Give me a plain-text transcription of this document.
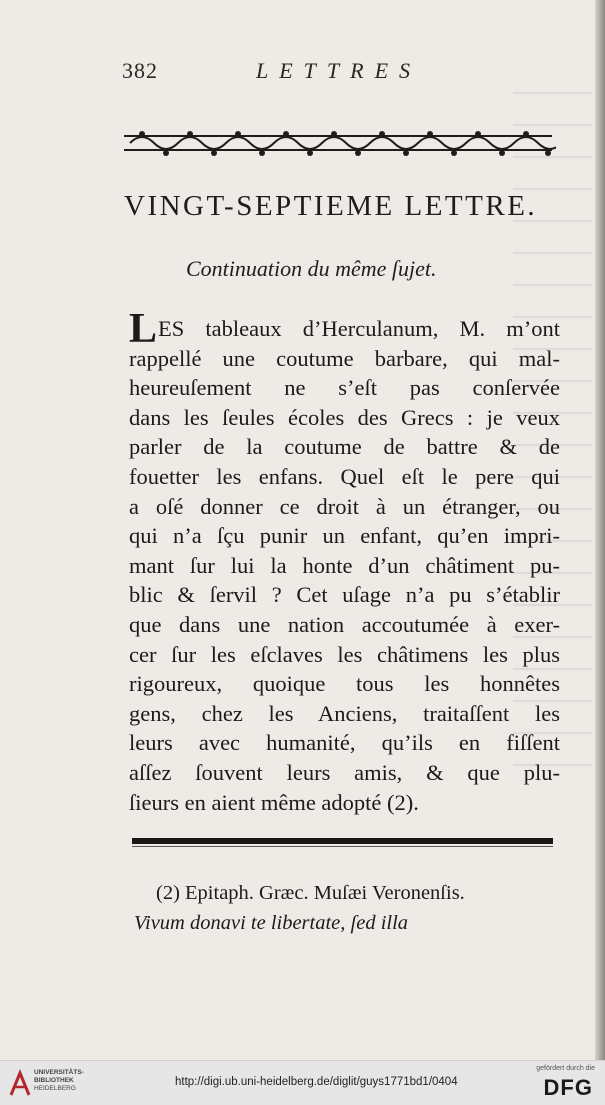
382	LETTRES
VINGT-SEPTIEME LETTRE.
Continuation du même ſujet.
LES tableaux d’Herculanum, M. m’ont
rappellé une coutume barbare, qui mal-
heureuſement ne s’eſt pas conſervée
dans les ſeules écoles des Grecs : je veux
parler de la coutume de battre & de
fouetter les enfans. Quel eſt le pere qui
a oſé donner ce droit à un étranger, ou
qui n’a ſçu punir un enfant, qu’en impri-
mant ſur lui la honte d’un châtiment pu-
blic & ſervil ? Cet uſage n’a pu s’établir
que dans une nation accoutumée à exer-
cer ſur les eſclaves les châtimens les plus
rigoureux, quoique tous les honnêtes
gens, chez les Anciens, traitaſſent les
leurs avec humanité, qu’ils en fiſſent
aſſez ſouvent leurs amis, & que plu-
ſieurs en aient même adopté (2).
(2) Epitaph. Græc. Muſæi Veronenſis.
Vivum donavi te libertate, ſed illa
UNIVERSITÄTS-
BIBLIOTHEK
HEIDELBERG
http://digi.ub.uni-heidelberg.de/diglit/guys1771bd1/0404
gefördert durch die
DFG
